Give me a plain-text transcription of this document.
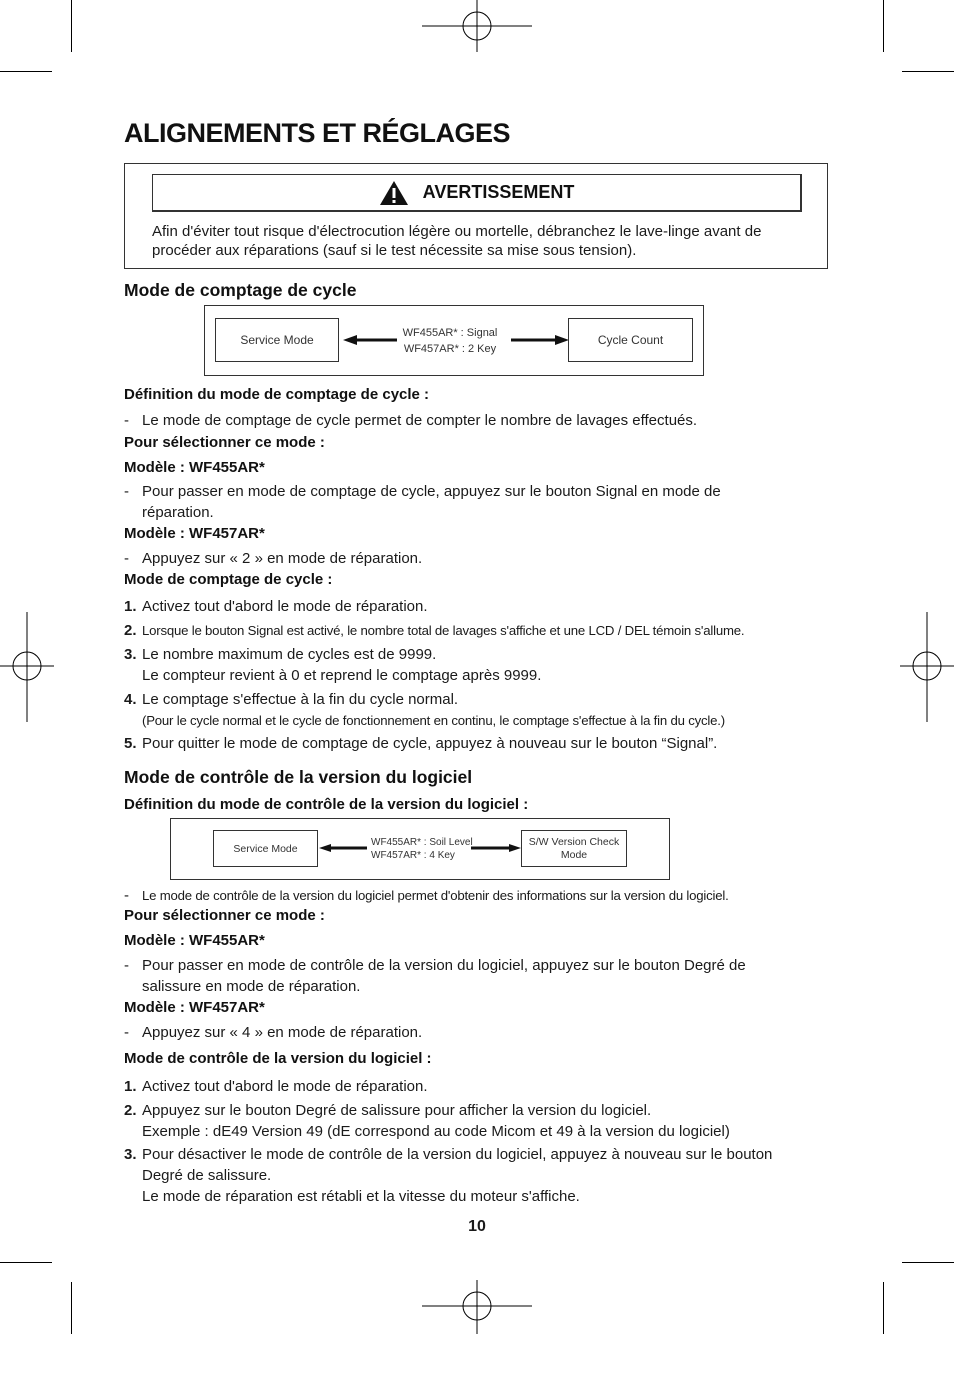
ALIGNEMENTS ET RÉGLAGES
AVERTISSEMENT
Afin d'éviter tout risque d'électrocution légère ou mortelle, débranchez le lave-linge avant de procéder aux réparations (sauf si le test nécessite sa mise sous tension).
Mode de comptage de cycle
Service Mode	WF455AR* : Signal
WF457AR* : 2 Key
Cycle Count
Définition du mode de comptage de cycle :

- Le mode de comptage de cycle permet de compter le nombre de lavages effectués.

Pour sélectionner ce mode :
Modèle : WF455AR*

- Pour passer en mode de comptage de cycle, appuyez sur le bouton Signal en mode de réparation.

Modèle : WF457AR*

- Appuyez sur « 2 » en mode de réparation.

Mode de comptage de cycle :

1. Activez tout d'abord le mode de réparation.

2. Lorsque le bouton Signal est activé, le nombre total de lavages s'affiche et une LCD / DEL témoin s'allume.

3. Le nombre maximum de cycles est de 9999.
Le compteur revient à 0 et reprend le comptage après 9999.

4. Le comptage s'effectue à la fin du cycle normal.
(Pour le cycle normal et le cycle de fonctionnement en continu, le comptage s'effectue à la fin du cycle.)

5. Pour quitter le mode de comptage de cycle, appuyez à nouveau sur le bouton “Signal”.

Mode de contrôle de la version du logiciel
Définition du mode de contrôle de la version du logiciel :
Service Mode	WF455AR* : Soil Level
WF457AR* : 4 Key
S/W Version Check
Mode

- Le mode de contrôle de la version du logiciel permet d'obtenir des informations sur la version du logiciel.

Pour sélectionner ce mode :
Modèle : WF455AR*

- Pour passer en mode de contrôle de la version du logiciel, appuyez sur le bouton Degré de salissure en mode de réparation.

Modèle : WF457AR*

- Appuyez sur « 4 » en mode de réparation.

Mode de contrôle de la version du logiciel :

1. Activez tout d'abord le mode de réparation.

2. Appuyez sur le bouton Degré de salissure pour afficher la version du logiciel.
Exemple : dE49 Version 49 (dE correspond au code Micom et 49 à la version du logiciel)

3. Pour désactiver le mode de contrôle de la version du logiciel, appuyez à nouveau sur le bouton
Degré de salissure.
Le mode de réparation est rétabli et la vitesse du moteur s'affiche.

10
